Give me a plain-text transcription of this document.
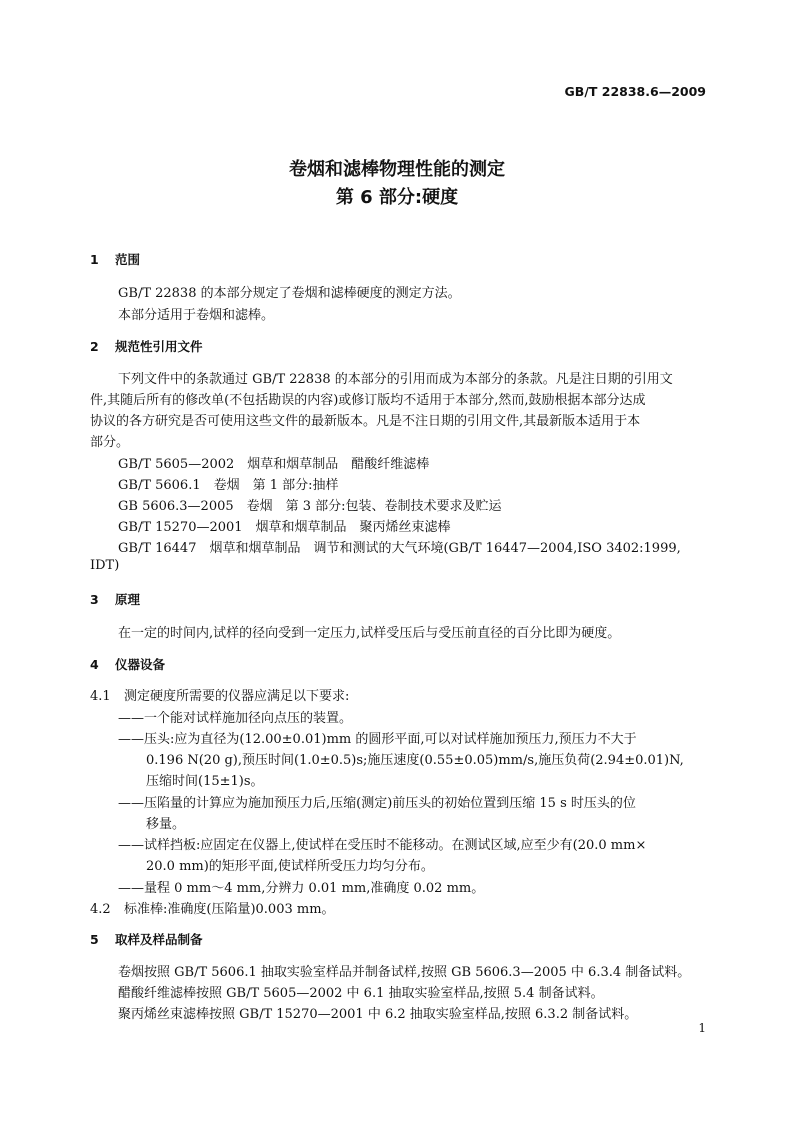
GB/T 22838.6—2009
卷烟和滤棒物理性能的测定
第 6 部分:硬度
1 范围
GB/T 22838 的本部分规定了卷烟和滤棒硬度的测定方法。
本部分适用于卷烟和滤棒。
2 规范性引用文件
下列文件中的条款通过 GB/T 22838 的本部分的引用而成为本部分的条款。凡是注日期的引用文
件,其随后所有的修改单(不包括勘误的内容)或修订版均不适用于本部分,然而,鼓励根据本部分达成
协议的各方研究是否可使用这些文件的最新版本。凡是不注日期的引用文件,其最新版本适用于本
部分。
GB/T 5605—2002　烟草和烟草制品　醋酸纤维滤棒
GB/T 5606.1　卷烟　第 1 部分:抽样
GB 5606.3—2005　卷烟　第 3 部分:包装、卷制技术要求及贮运
GB/T 15270—2001　烟草和烟草制品　聚丙烯丝束滤棒
GB/T 16447　烟草和烟草制品　调节和测试的大气环境(GB/T 16447—2004,ISO 3402:1999,
IDT)
3 原理
在一定的时间内,试样的径向受到一定压力,试样受压后与受压前直径的百分比即为硬度。
4 仪器设备
4.1 测定硬度所需要的仪器应满足以下要求:
——一个能对试样施加径向点压的装置。
——压头:应为直径为(12.00±0.01)mm 的圆形平面,可以对试样施加预压力,预压力不大于
0.196 N(20 g),预压时间(1.0±0.5)s;施压速度(0.55±0.05)mm/s,施压负荷(2.94±0.01)N,
压缩时间(15±1)s。
——压陷量的计算应为施加预压力后,压缩(测定)前压头的初始位置到压缩 15 s 时压头的位
移量。
——试样挡板:应固定在仪器上,使试样在受压时不能移动。在测试区域,应至少有(20.0 mm×
20.0 mm)的矩形平面,使试样所受压力均匀分布。
——量程 0 mm～4 mm,分辨力 0.01 mm,准确度 0.02 mm。
4.2 标准棒:准确度(压陷量)0.003 mm。
5 取样及样品制备
卷烟按照 GB/T 5606.1 抽取实验室样品并制备试样,按照 GB 5606.3—2005 中 6.3.4 制备试料。
醋酸纤维滤棒按照 GB/T 5605—2002 中 6.1 抽取实验室样品,按照 5.4 制备试料。
聚丙烯丝束滤棒按照 GB/T 15270—2001 中 6.2 抽取实验室样品,按照 6.3.2 制备试料。
1
